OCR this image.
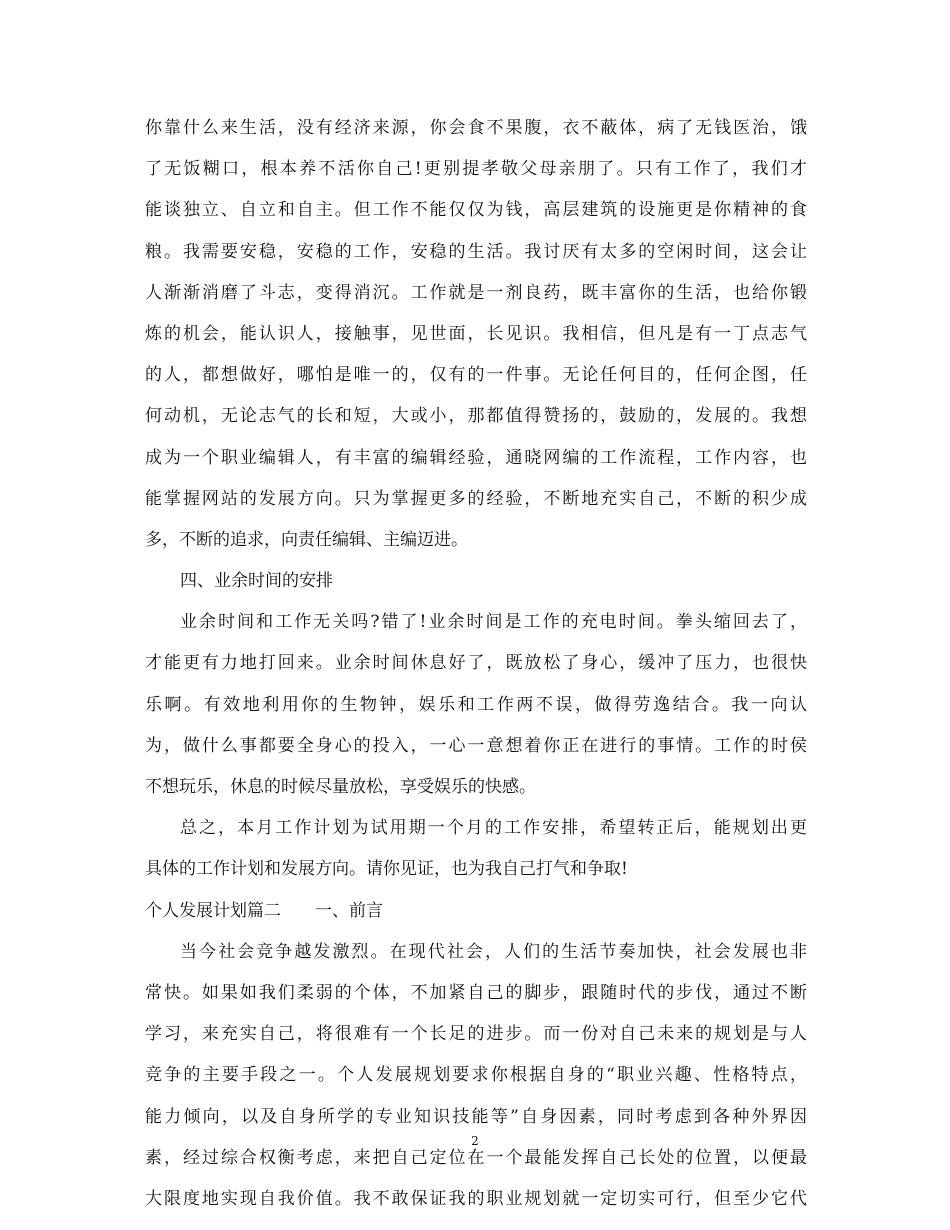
你靠什么来生活，没有经济来源，你会食不果腹，衣不蔽体，病了无钱医治，饿
了无饭糊口，根本养不活你自己!更别提孝敬父母亲朋了。只有工作了，我们才
能谈独立、自立和自主。但工作不能仅仅为钱，高层建筑的设施更是你精神的食
粮。我需要安稳，安稳的工作，安稳的生活。我讨厌有太多的空闲时间，这会让
人渐渐消磨了斗志，变得消沉。工作就是一剂良药，既丰富你的生活，也给你锻
炼的机会，能认识人，接触事，见世面，长见识。我相信，但凡是有一丁点志气
的人，都想做好，哪怕是唯一的，仅有的一件事。无论任何目的，任何企图，任
何动机，无论志气的长和短，大或小，那都值得赞扬的，鼓励的，发展的。我想
成为一个职业编辑人，有丰富的编辑经验，通晓网编的工作流程，工作内容，也
能掌握网站的发展方向。只为掌握更多的经验，不断地充实自己，不断的积少成
多，不断的追求，向责任编辑、主编迈进。
四、业余时间的安排
业余时间和工作无关吗?错了!业余时间是工作的充电时间。拳头缩回去了，
才能更有力地打回来。业余时间休息好了，既放松了身心，缓冲了压力，也很快
乐啊。有效地利用你的生物钟，娱乐和工作两不误，做得劳逸结合。我一向认
为，做什么事都要全身心的投入，一心一意想着你正在进行的事情。工作的时侯
不想玩乐，休息的时候尽量放松，享受娱乐的快感。
总之，本月工作计划为试用期一个月的工作安排，希望转正后，能规划出更
具体的工作计划和发展方向。请你见证，也为我自己打气和争取!
个人发展计划篇二 一、前言
当今社会竞争越发激烈。在现代社会，人们的生活节奏加快，社会发展也非
常快。如果如我们柔弱的个体，不加紧自己的脚步，跟随时代的步伐，通过不断
学习，来充实自己，将很难有一个长足的进步。而一份对自己未来的规划是与人
竞争的主要手段之一。个人发展规划要求你根据自身的“职业兴趣、性格特点，
能力倾向，以及自身所学的专业知识技能等”自身因素，同时考虑到各种外界因
素，经过综合权衡考虑，来把自己定位在一个最能发挥自己长处的位置，以便最
大限度地实现自我价值。我不敢保证我的职业规划就一定切实可行，但至少它代
2
